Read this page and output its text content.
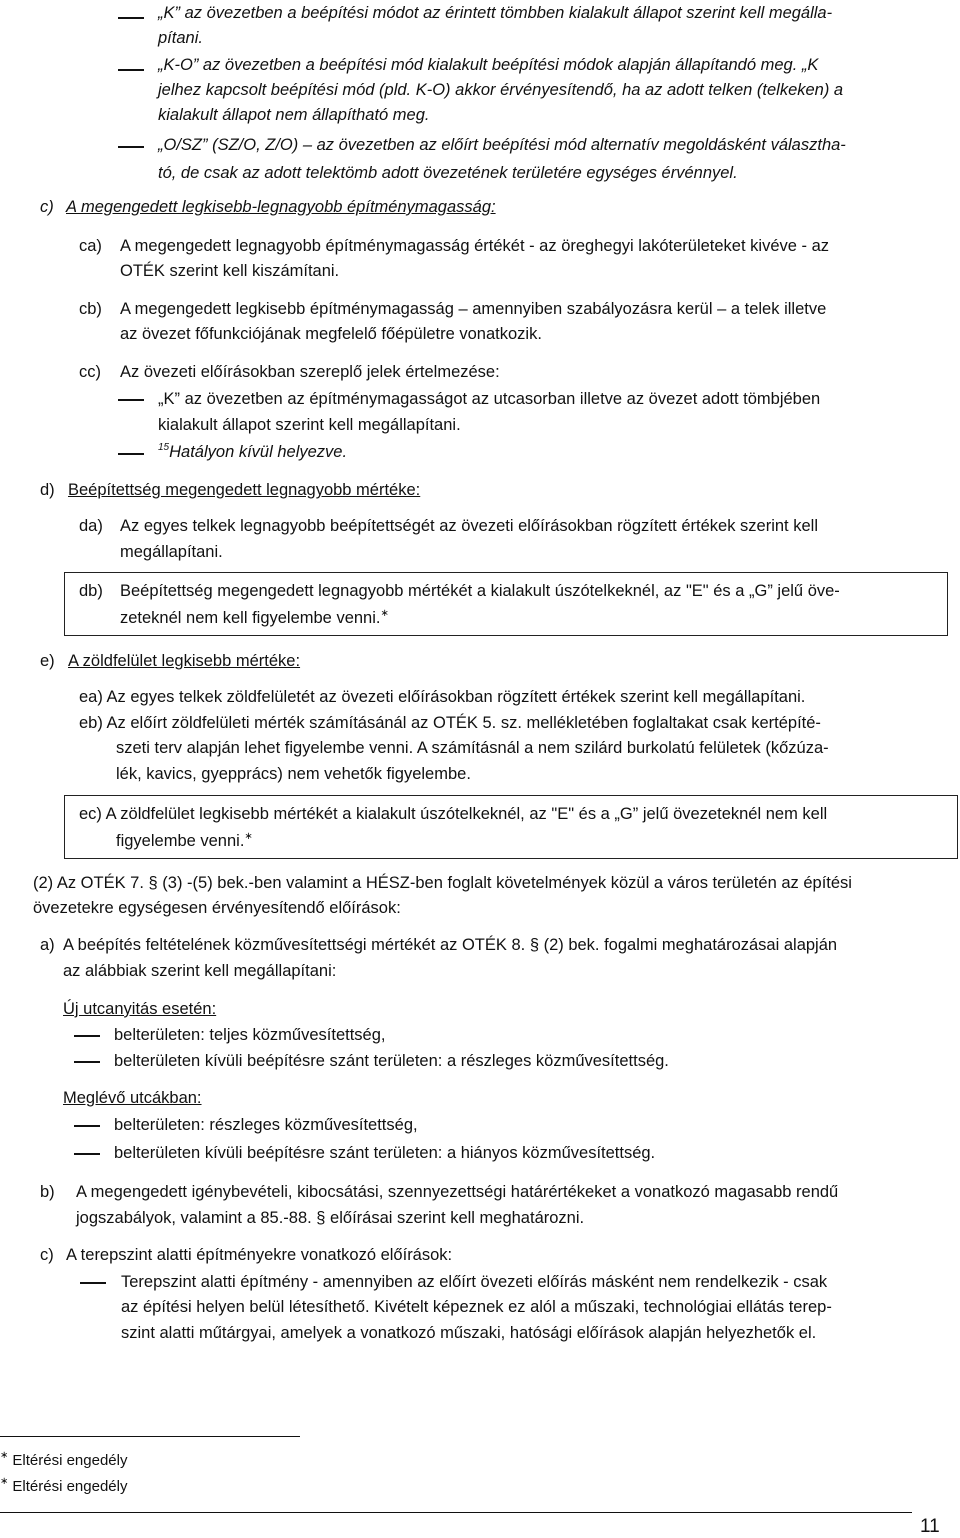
„K” az övezetben a beépítési módot az érintett tömbben kialakult állapot szerint kell megálla-
pítani.
„K-O” az övezetben a beépítési mód kialakult beépítési módok alapján állapítandó meg. „K
jelhez kapcsolt beépítési mód (pld. K-O) akkor érvényesítendő, ha az adott telken (telkeken) a
kialakult állapot nem állapítható meg.
„O/SZ” (SZ/O, Z/O) – az övezetben az előírt beépítési mód alternatív megoldásként választha-
tó, de csak az adott telektömb adott övezetének területére egységes érvénnyel.
c) A megengedett legkisebb-legnagyobb építménymagasság:
ca) A megengedett legnagyobb építménymagasság értékét - az öreghegyi lakóterületeket kivéve - az
OTÉK szerint kell kiszámítani.
cb) A megengedett legkisebb építménymagasság – amennyiben szabályozásra kerül – a telek illetve
az övezet főfunkciójának megfelelő főépületre vonatkozik.
cc) Az övezeti előírásokban szereplő jelek értelmezése:
„K” az övezetben az építménymagasságot az utcasorban illetve az övezet adott tömbjében
kialakult állapot szerint kell megállapítani.
$^{15}$Hatályon kívül helyezve.
d) Beépítettség megengedett legnagyobb mértéke:
da) Az egyes telkek legnagyobb beépítettségét az övezeti előírásokban rögzített értékek szerint kell
megállapítani.
db) Beépítettség megengedett legnagyobb mértékét a kialakult úszótelkeknél, az "E" és a „G” jelű öve-
zeteknél nem kell figyelembe venni.∗
e) A zöldfelület legkisebb mértéke:
ea) Az egyes telkek zöldfelületét az övezeti előírásokban rögzített értékek szerint kell megállapítani.
eb) Az előírt zöldfelületi mérték számításánál az OTÉK 5. sz. mellékletében foglaltakat csak kertépíté-
szeti terv alapján lehet figyelembe venni. A számításnál a nem szilárd burkolatú felületek (kőzúza-
lék, kavics, gyepprács) nem vehetők figyelembe.
ec) A zöldfelület legkisebb mértékét a kialakult úszótelkeknél, az "E" és a „G” jelű övezeteknél nem kell
figyelembe venni.∗
(2) Az OTÉK 7. § (3) -(5) bek.-ben valamint a HÉSZ-ben foglalt követelmények közül a város területén az építési
övezetekre egységesen érvényesítendő előírások:
a) A beépítés feltételének közművesítettségi mértékét az OTÉK 8. § (2) bek. fogalmi meghatározásai alapján
az alábbiak szerint kell megállapítani:
Új utcanyitás esetén:
belterületen: teljes közművesítettség,
belterületen kívüli beépítésre szánt területen: a részleges közművesítettség.
Meglévő utcákban:
belterületen: részleges közművesítettség,
belterületen kívüli beépítésre szánt területen: a hiányos közművesítettség.
b) A megengedett igénybevételi, kibocsátási, szennyezettségi határértékeket a vonatkozó magasabb rendű
jogszabályok, valamint a 85.-88. § előírásai szerint kell meghatározni.
c) A terepszint alatti építményekre vonatkozó előírások:
Terepszint alatti építmény - amennyiben az előírt övezeti előírás másként nem rendelkezik - csak
az építési helyen belül létesíthető. Kivételt képeznek ez alól a műszaki, technológiai ellátás terep-
szint alatti műtárgyai, amelyek a vonatkozó műszaki, hatósági előírások alapján helyezhetők el.
∗ Eltérési engedély
∗ Eltérési engedély
11
